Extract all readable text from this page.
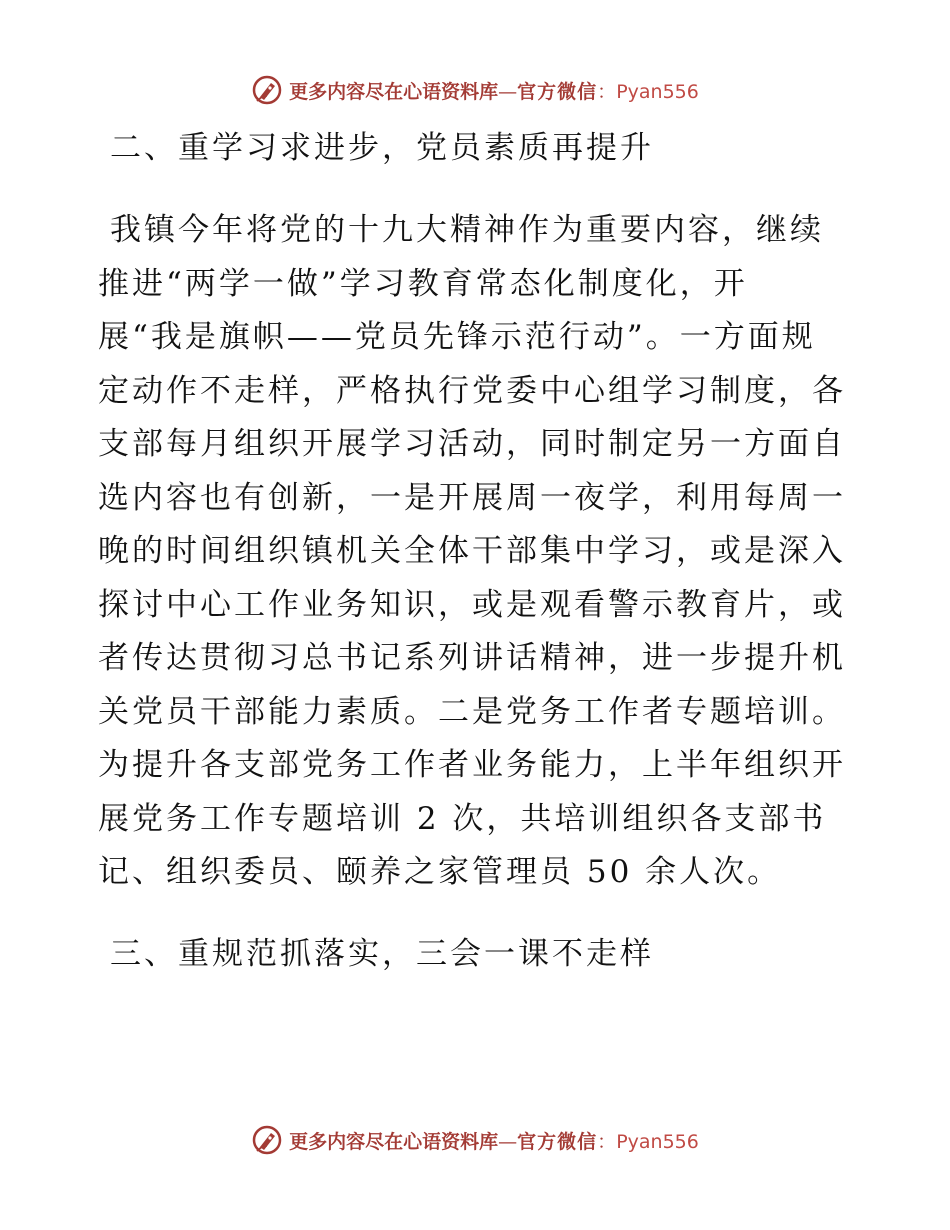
更多内容尽在心语资料库—官方微信：Pyan556
二、重学习求进步，党员素质再提升
我镇今年将党的十九大精神作为重要内容，继续
推进“两学一做”学习教育常态化制度化，开
展“我是旗帜——党员先锋示范行动”。一方面规
定动作不走样，严格执行党委中心组学习制度，各
支部每月组织开展学习活动，同时制定另一方面自
选内容也有创新，一是开展周一夜学，利用每周一
晚的时间组织镇机关全体干部集中学习，或是深入
探讨中心工作业务知识，或是观看警示教育片，或
者传达贯彻习总书记系列讲话精神，进一步提升机
关党员干部能力素质。二是党务工作者专题培训。
为提升各支部党务工作者业务能力，上半年组织开
展党务工作专题培训 2 次，共培训组织各支部书
记、组织委员、颐养之家管理员 50 余人次。
三、重规范抓落实，三会一课不走样
更多内容尽在心语资料库—官方微信：Pyan556
